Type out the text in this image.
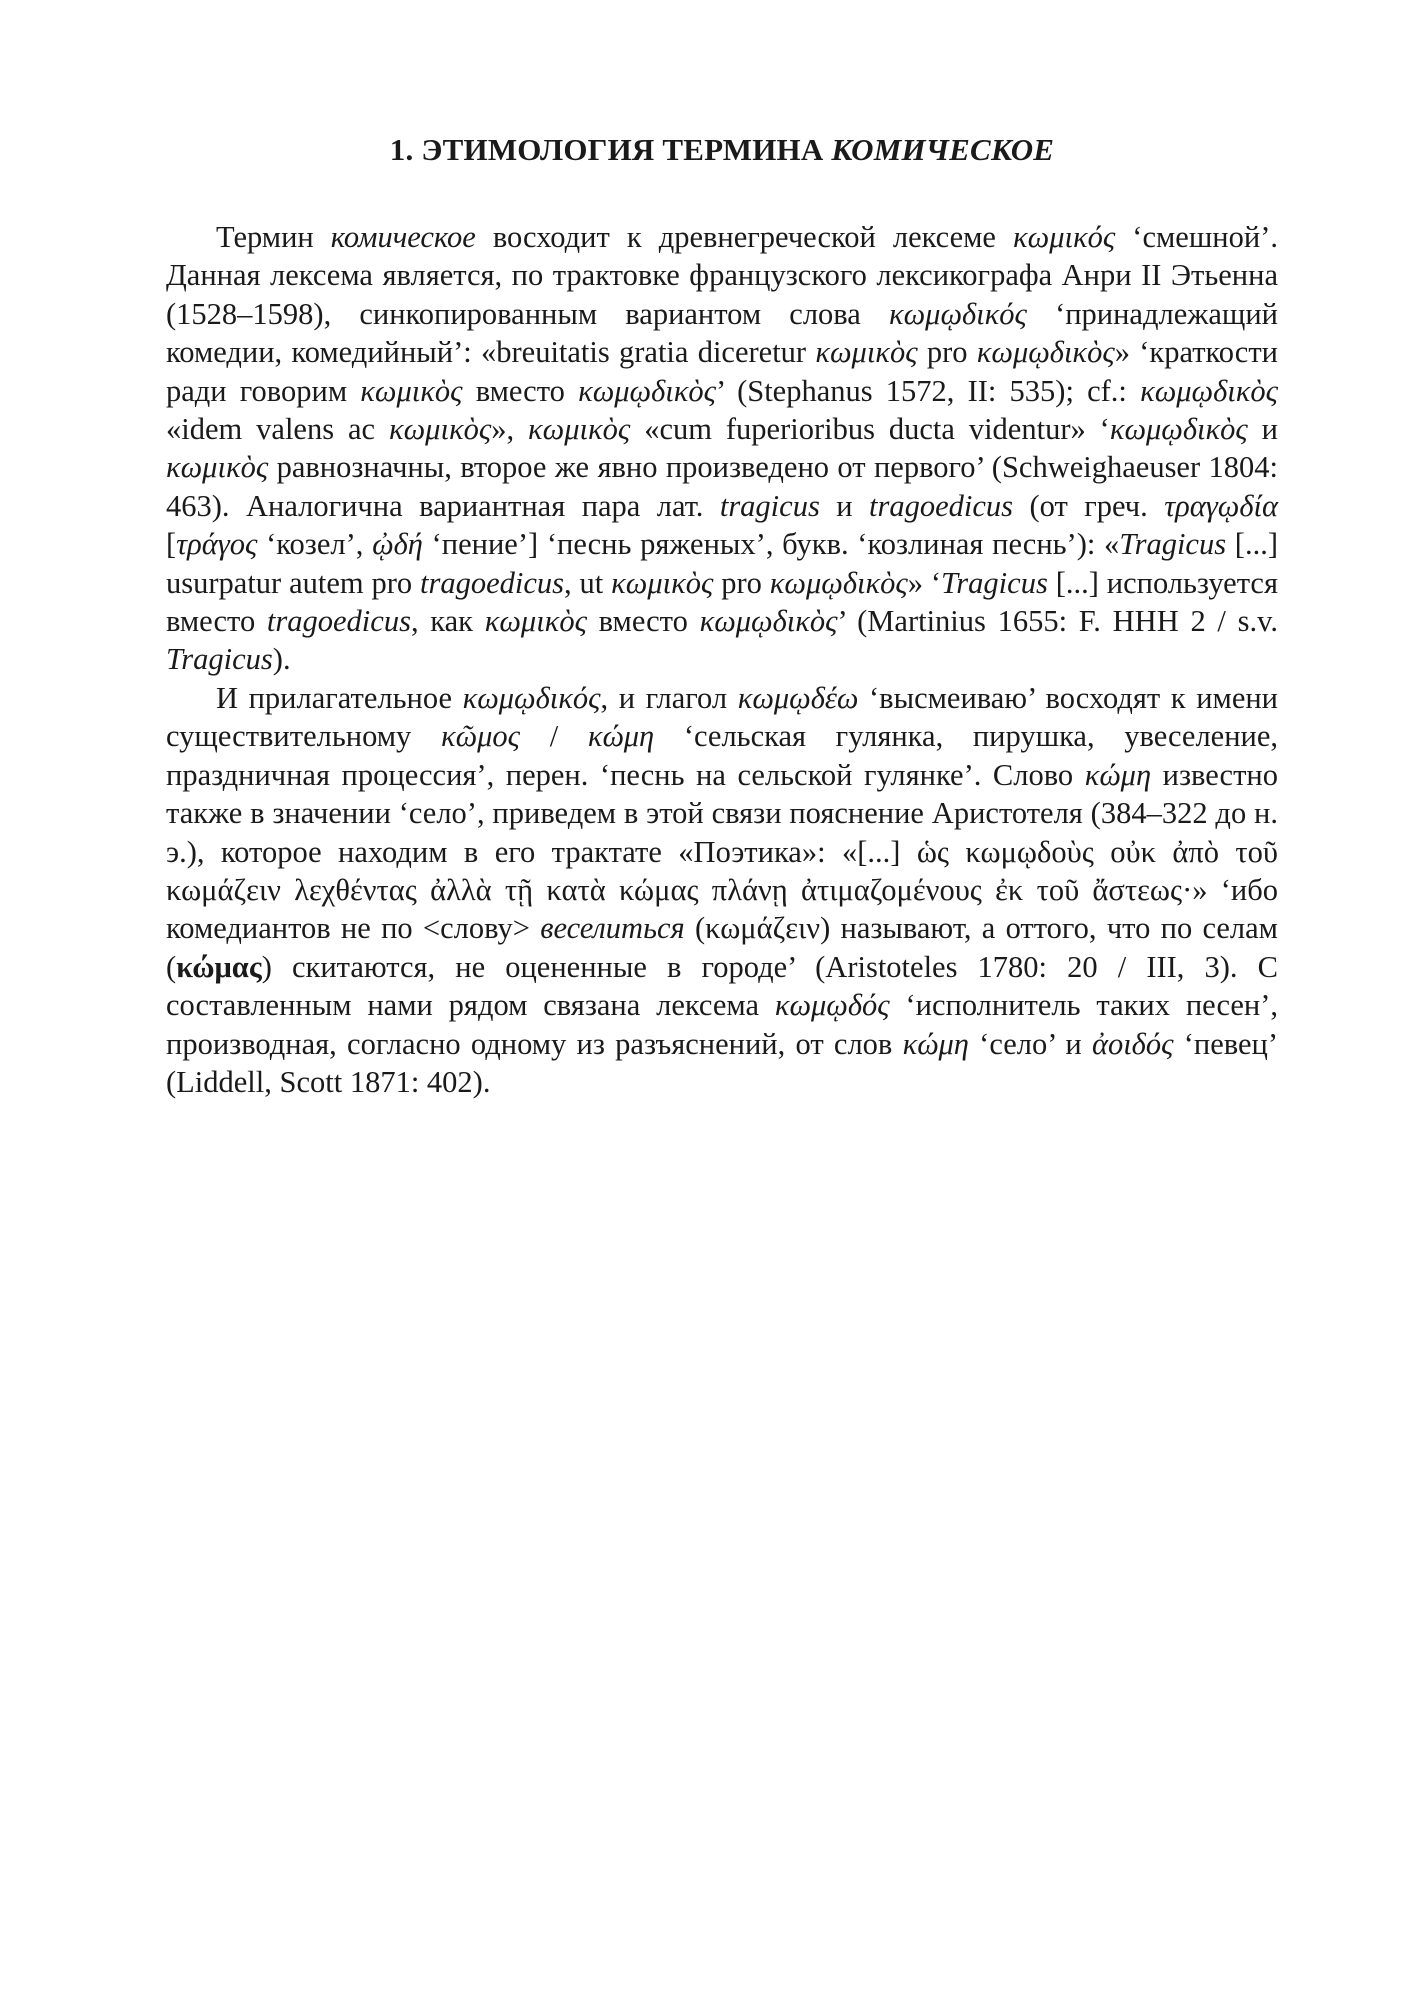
1. ЭТИМОЛОГИЯ ТЕРМИНА КОМИЧЕСКОЕ

Термин комическое восходит к древнегреческой лексеме κωμικός ‘смешной’. Данная лексема является, по трактовке французского лексикографа Анри II Этьенна (1528–1598), синкопированным вариантом слова κωμῳδικός ‘принадлежащий комедии, комедийный’: «breuitatis gratia diceretur κωμικὸς pro κωμῳδικὸς» ‘краткости ради говорим κωμικὸς вместо κωμῳδικὸς’ (Stephanus 1572, II: 535); cf.: κωμῳδικὸς «idem valens ac κωμικὸς», κωμικὸς «cum fuperioribus ducta videntur» ‘κωμῳδικὸς и κωμικὸς равнозначны, второе же явно произведено от первого’ (Schweighaeuser 1804: 463). Аналогична вариантная пара лат. tragicus и tragoedicus (от греч. τραγῳδία [τράγος ‘козел’, ᾠδή ‘пение’] ‘песнь ряженых’, букв. ‘козлиная песнь’): «Tragicus [...] usurpatur autem pro tragoedicus, ut κωμικὸς pro κωμῳδικὸς» ‘Tragicus [...] используется вместо tragoedicus, как κωμικὸς вместо κωμῳδικὸς’ (Martinius 1655: F. HHH 2 / s.v. Tragicus).

И прилагательное κωμῳδικός, и глагол κωμῳδέω ‘высмеиваю’ восходят к имени существительному κῶμος / κώμη ‘сельская гулянка, пирушка, увеселение, праздничная процессия’, перен. ‘песнь на сельской гулянке’. Слово κώμη известно также в значении ‘село’, приведем в этой связи пояснение Аристотеля (384–322 до н. э.), которое находим в его трактате «Поэтика»: «[...] ὡς κωμῳδοὺς οὐκ ἀπὸ τοῦ κωμάζειν λεχθέντας ἀλλὰ τῇ κατὰ κώμας πλάνῃ ἀτιμαζομένους ἐκ τοῦ ἄστεως·» ‘ибо комедиантов не по <слову> веселиться (κωμάζειν) называют, а оттого, что по селам (κώμας) скитаются, не оцененные в городе’ (Aristoteles 1780: 20 / III, 3). С составленным нами рядом связана лексема κωμῳδός ‘исполнитель таких песен’, производная, согласно одному из разъяснений, от слов κώμη ‘село’ и ἀοιδός ‘певец’ (Liddell, Scott 1871: 402).
